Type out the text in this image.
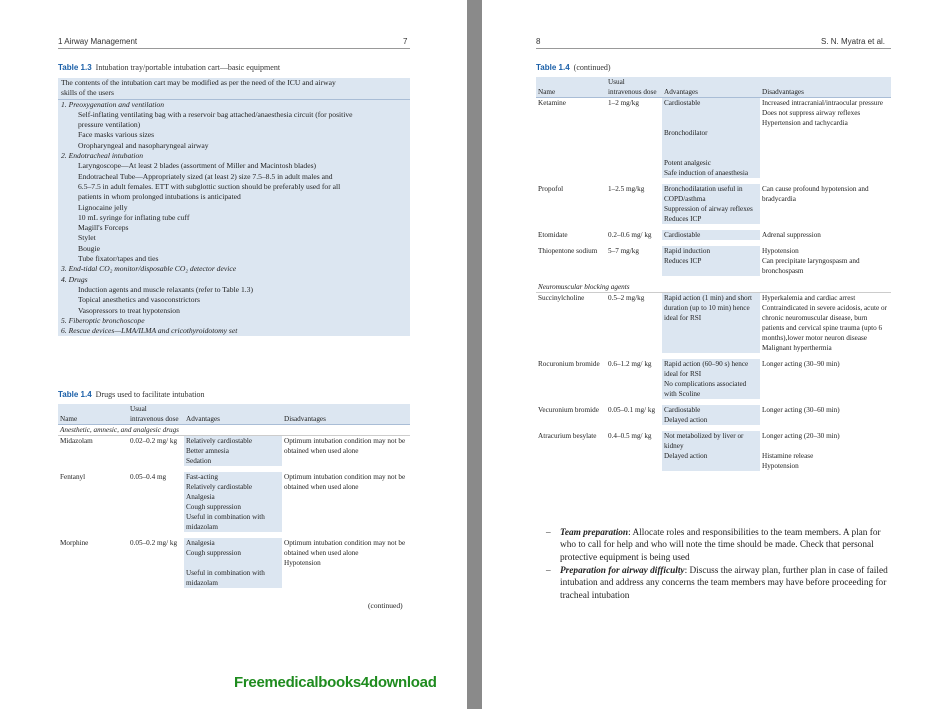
1 Airway Management	7
Table 1.3 Intubation tray/portable intubation cart—basic equipment
The contents of the intubation cart may be modified as per the need of the ICU and airway
skills of the users
1. Preoxygenation and ventilation
Self-inflating ventilating bag with a reservoir bag attached/anaesthesia circuit (for positive
pressure ventilation)
Face masks various sizes
Oropharyngeal and nasopharyngeal airway
2. Endotracheal intubation
Laryngoscope—At least 2 blades (assortment of Miller and Macintosh blades)
Endotracheal Tube—Appropriately sized (at least 2) size 7.5–8.5 in adult males and
6.5–7.5 in adult females. ETT with subglottic suction should be preferably used for all
patients in whom prolonged intubations is anticipated
Lignocaine jelly
10 mL syringe for inflating tube cuff
Magill's Forceps
Stylet
Bougie
Tube fixator/tapes and ties
3. End-tidal CO₂ monitor/disposable CO₂ detector device
4. Drugs
Induction agents and muscle relaxants (refer to Table 1.3)
Topical anesthetics and vasoconstrictors
Vasopressors to treat hypotension
5. Fiberoptic bronchoscope
6. Rescue devices—LMA/ILMA and cricothyroidotomy set
Table 1.4 Drugs used to facilitate intubation
Name	Usual intravenous dose	Advantages	Disadvantages
Anesthetic, amnesic, and analgesic drugs			
Midazolam	0.02–0.2 mg/ kg	Relatively cardiostable
Better amnesia
Sedation	Optimum intubation condition may not be obtained when used alone

Fentanyl	0.05–0.4 mg	Fast-acting
Relatively cardiostable
Analgesia
Cough suppression
Useful in combination with midazolam	Optimum intubation condition may not be obtained when used alone

Morphine	0.05–0.2 mg/ kg	Analgesia
Cough suppression

Useful in combination with midazolam	Optimum intubation condition may not be obtained when used alone
Hypotension

(continued)
Freemedicalbooks4download
8	S. N. Myatra et al.
Table 1.4 (continued)
Name	Usual intravenous dose	Advantages	Disadvantages
Ketamine	1–2 mg/kg	Cardiostable

Bronchodilator

Potent analgesic
Safe induction of anaesthesia	Increased intracranial/intraocular pressure
Does not suppress airway reflexes
Hypertension and tachycardia

Propofol	1–2.5 mg/kg	Bronchodilatation useful in COPD/asthma
Suppression of airway reflexes
Reduces ICP	Can cause profound hypotension and bradycardia

Etomidate	0.2–0.6 mg/ kg	Cardiostable	Adrenal suppression

Thiopentone sodium	5–7 mg/kg	Rapid induction
Reduces ICP	Hypotension
Can precipitate laryngospasm and bronchospasm

Neuromuscular blocking agents			
Succinylcholine	0.5–2 mg/kg	Rapid action (1 min) and short duration (up to 10 min) hence ideal for RSI	Hyperkalemia and cardiac arrest
Contraindicated in severe acidosis, acute or chronic neuromuscular disease, burn patients and cervical spine trauma (upto 6 months),lower motor neuron disease
Malignant hyperthermia

Rocuronium bromide	0.6–1.2 mg/ kg	Rapid action (60–90 s) hence ideal for RSI
No complications associated with Scoline	Longer acting (30–90 min)

Vecuronium bromide	0.05–0.1 mg/ kg	Cardiostable
Delayed action	Longer acting (30–60 min)

Atracurium besylate	0.4–0.5 mg/ kg	Not metabolized by liver or kidney
Delayed action	Longer acting (20–30 min)

Histamine release
Hypotension

– Team preparation: Allocate roles and responsibilities to the team members. A plan for who to call for help and who will note the time should be made. Check that personal protective equipment is being used
– Preparation for airway difficulty: Discuss the airway plan, further plan in case of failed intubation and address any concerns the team members may have before proceeding for tracheal intubation
